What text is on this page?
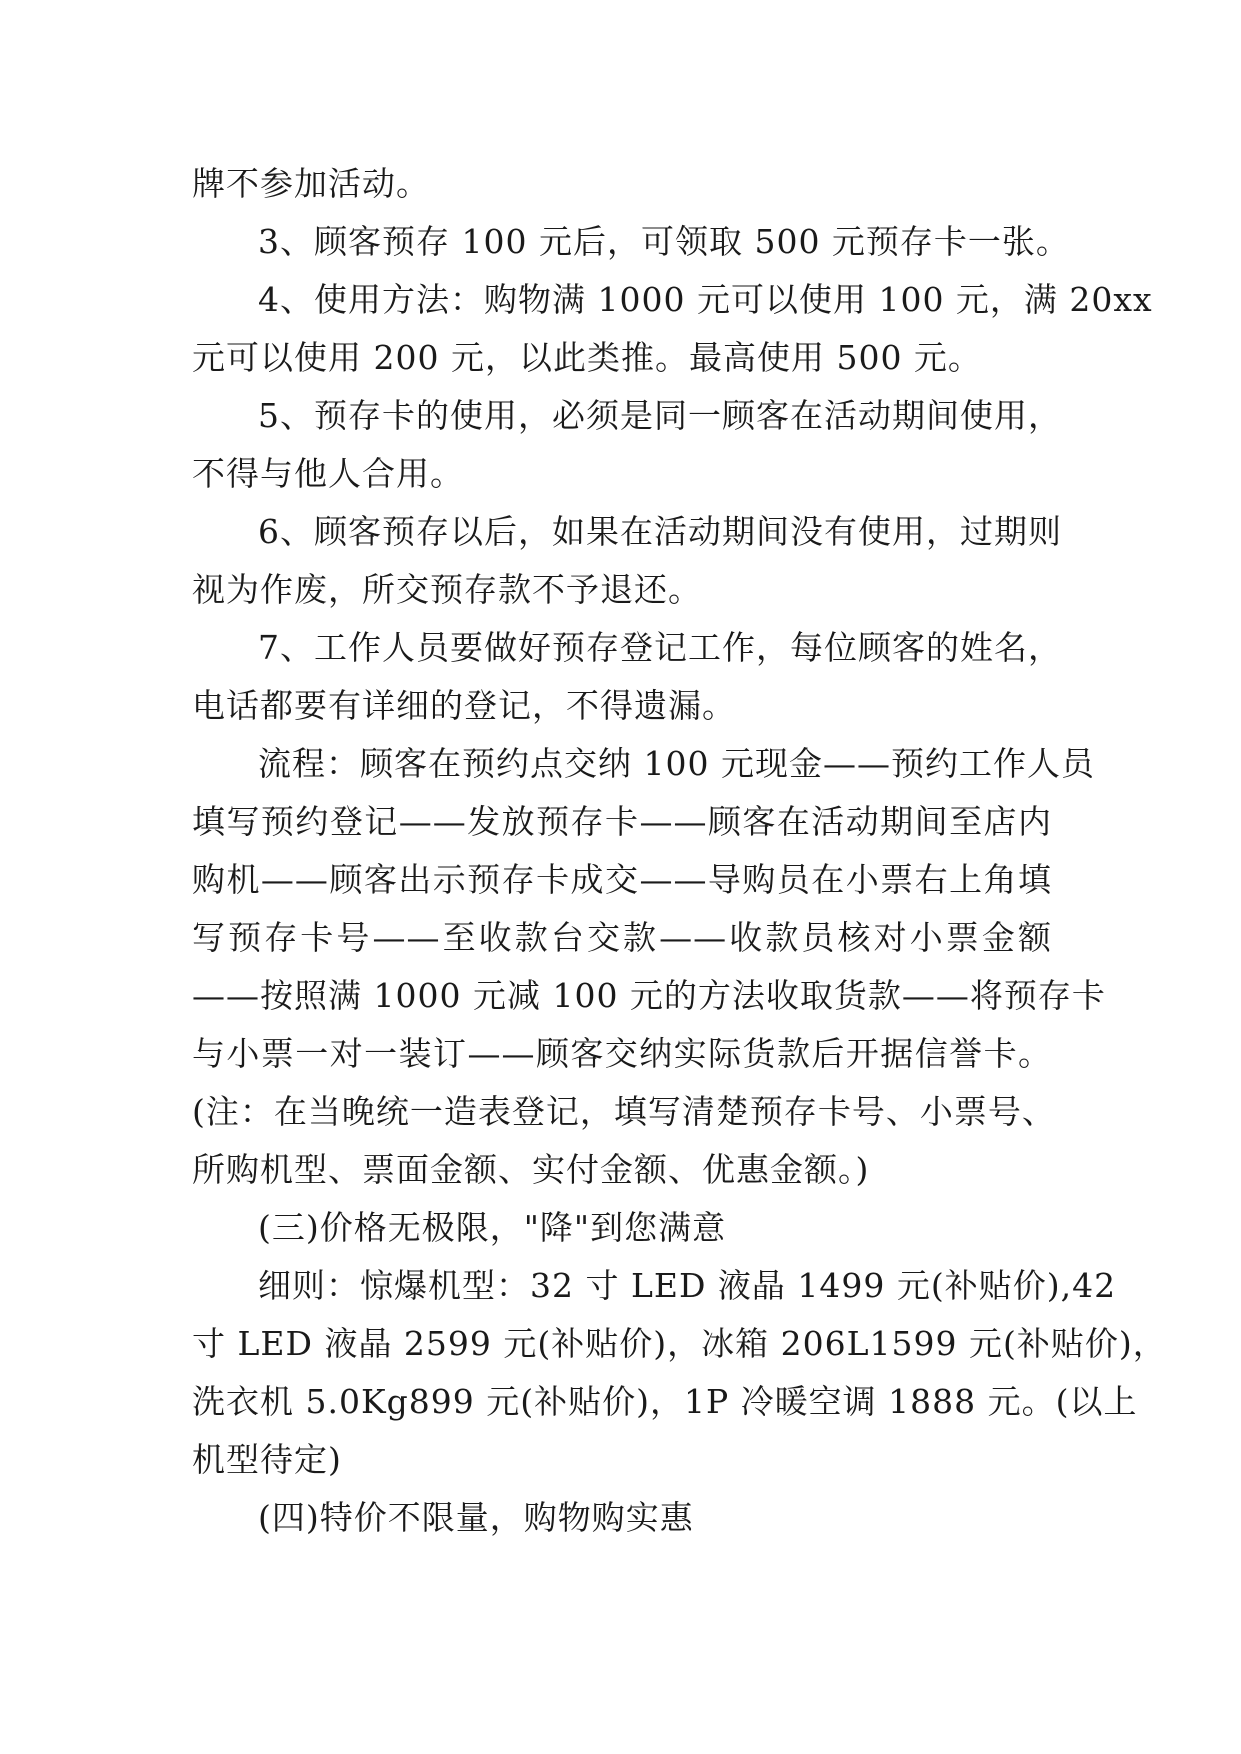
牌不参加活动。

3、顾客预存 100 元后，可领取 500 元预存卡一张。

4、使用方法：购物满 1000 元可以使用 100 元，满 20xx
元可以使用 200 元，以此类推。最高使用 500 元。

5、预存卡的使用，必须是同一顾客在活动期间使用，
不得与他人合用。

6、顾客预存以后，如果在活动期间没有使用，过期则
视为作废，所交预存款不予退还。

7、工作人员要做好预存登记工作，每位顾客的姓名，
电话都要有详细的登记，不得遗漏。

流程：顾客在预约点交纳 100 元现金——预约工作人员
填写预约登记——发放预存卡——顾客在活动期间至店内
购机——顾客出示预存卡成交——导购员在小票右上角填
写预存卡号——至收款台交款——收款员核对小票金额
——按照满 1000 元减 100 元的方法收取货款——将预存卡
与小票一对一装订——顾客交纳实际货款后开据信誉卡。
(注：在当晚统一造表登记，填写清楚预存卡号、小票号、
所购机型、票面金额、实付金额、优惠金额。)

(三)价格无极限，"降"到您满意

细则：惊爆机型：32 寸 LED 液晶 1499 元(补贴价),42
寸 LED 液晶 2599 元(补贴价)，冰箱 206L1599 元(补贴价)，
洗衣机 5.0Kg899 元(补贴价)，1P 冷暖空调 1888 元。(以上
机型待定)

(四)特价不限量，购物购实惠
